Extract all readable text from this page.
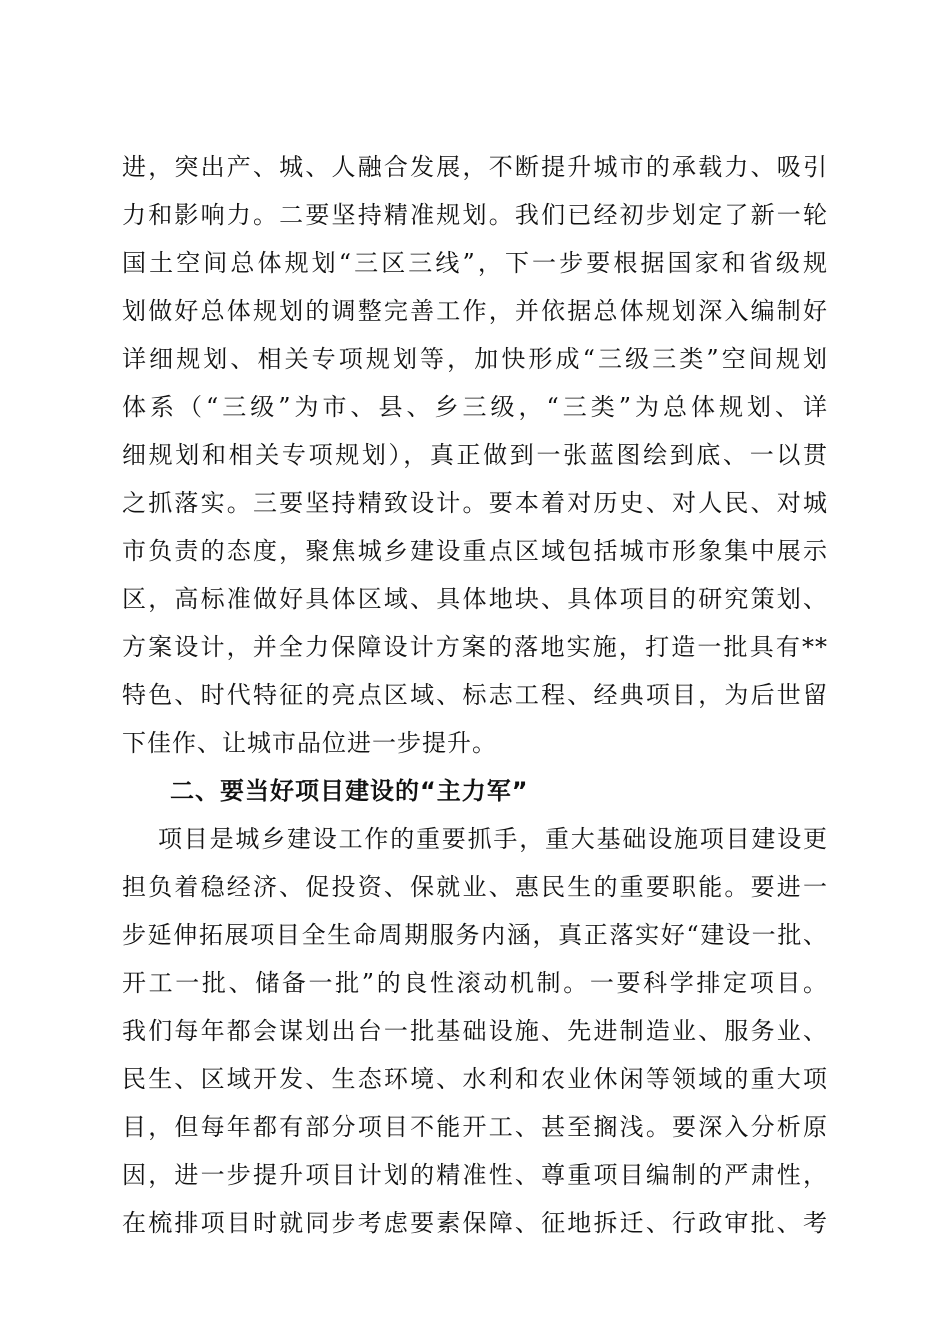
进，突出产、城、人融合发展，不断提升城市的承载力、吸引
力和影响力。二要坚持精准规划。我们已经初步划定了新一轮
国土空间总体规划“三区三线”，下一步要根据国家和省级规
划做好总体规划的调整完善工作，并依据总体规划深入编制好
详细规划、相关专项规划等，加快形成“三级三类”空间规划
体系（“三级”为市、县、乡三级，“三类”为总体规划、详
细规划和相关专项规划），真正做到一张蓝图绘到底、一以贯
之抓落实。三要坚持精致设计。要本着对历史、对人民、对城
市负责的态度，聚焦城乡建设重点区域包括城市形象集中展示
区，高标准做好具体区域、具体地块、具体项目的研究策划、
方案设计，并全力保障设计方案的落地实施，打造一批具有**
特色、时代特征的亮点区域、标志工程、经典项目，为后世留
下佳作、让城市品位进一步提升。
二、要当好项目建设的“主力军”
项目是城乡建设工作的重要抓手，重大基础设施项目建设更
担负着稳经济、促投资、保就业、惠民生的重要职能。要进一
步延伸拓展项目全生命周期服务内涵，真正落实好“建设一批、
开工一批、储备一批”的良性滚动机制。一要科学排定项目。
我们每年都会谋划出台一批基础设施、先进制造业、服务业、
民生、区域开发、生态环境、水利和农业休闲等领域的重大项
目，但每年都有部分项目不能开工、甚至搁浅。要深入分析原
因，进一步提升项目计划的精准性、尊重项目编制的严肃性，
在梳排项目时就同步考虑要素保障、征地拆迁、行政审批、考
